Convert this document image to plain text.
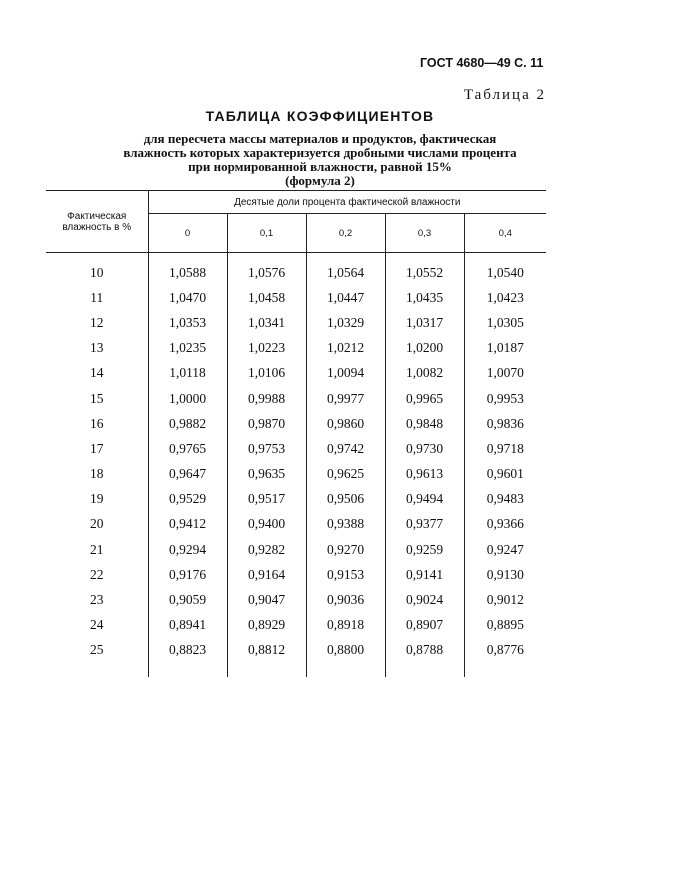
ГОСТ 4680—49 С. 11
Таблица 2
ТАБЛИЦА КОЭФФИЦИЕНТОВ
для пересчета массы материалов и продуктов, фактическая
влажность которых характеризуется дробными числами процента
при нормированной влажности, равной 15%
(формула 2)
Фактическая
влажность в %	Десятые доли процента фактической влажности				
	0	0,1	0,2	0,3	0,4

10	1,0588	1,0576	1,0564	1,0552	1,0540
11	1,0470	1,0458	1,0447	1,0435	1,0423
12	1,0353	1,0341	1,0329	1,0317	1,0305
13	1,0235	1,0223	1,0212	1,0200	1,0187
14	1,0118	1,0106	1,0094	1,0082	1,0070
15	1,0000	0,9988	0,9977	0,9965	0,9953
16	0,9882	0,9870	0,9860	0,9848	0,9836
17	0,9765	0,9753	0,9742	0,9730	0,9718
18	0,9647	0,9635	0,9625	0,9613	0,9601
19	0,9529	0,9517	0,9506	0,9494	0,9483
20	0,9412	0,9400	0,9388	0,9377	0,9366
21	0,9294	0,9282	0,9270	0,9259	0,9247
22	0,9176	0,9164	0,9153	0,9141	0,9130
23	0,9059	0,9047	0,9036	0,9024	0,9012
24	0,8941	0,8929	0,8918	0,8907	0,8895
25	0,8823	0,8812	0,8800	0,8788	0,8776
